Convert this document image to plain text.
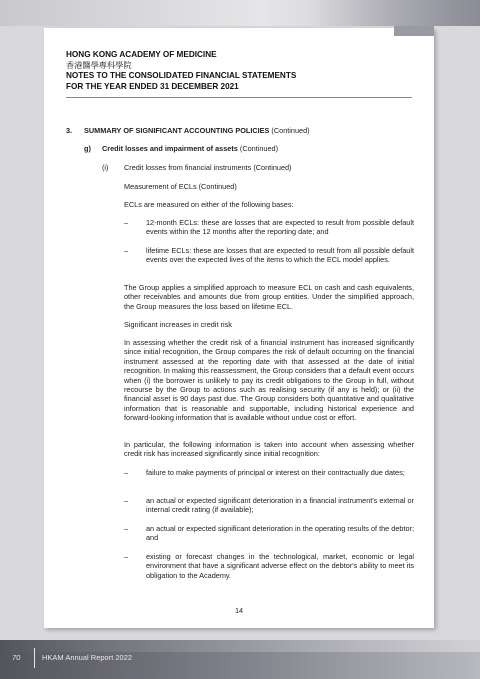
HONG KONG ACADEMY OF MEDICINE
香港醫學專科學院
NOTES TO THE CONSOLIDATED FINANCIAL STATEMENTS
FOR THE YEAR ENDED 31 DECEMBER 2021
3. SUMMARY OF SIGNIFICANT ACCOUNTING POLICIES (Continued)
g) Credit losses and impairment of assets (Continued)
(i) Credit losses from financial instruments (Continued)
Measurement of ECLs (Continued)
ECLs are measured on either of the following bases:
– 12-month ECLs: these are losses that are expected to result from possible default events within the 12 months after the reporting date; and
– lifetime ECLs: these are losses that are expected to result from all possible default events over the expected lives of the items to which the ECL model applies.
The Group applies a simplified approach to measure ECL on cash and cash equivalents, other receivables and amounts due from group entities. Under the simplified approach, the Group measures the loss based on lifetime ECL.
Significant increases in credit risk
In assessing whether the credit risk of a financial instrument has increased significantly since initial recognition, the Group compares the risk of default occurring on the financial instrument assessed at the reporting date with that assessed at the date of initial recognition. In making this reassessment, the Group considers that a default event occurs when (i) the borrower is unlikely to pay its credit obligations to the Group in full, without recourse by the Group to actions such as realising security (if any is held); or (ii) the financial asset is 90 days past due. The Group considers both quantitative and qualitative information that is reasonable and supportable, including historical experience and forward-looking information that is available without undue cost or effort.
In particular, the following information is taken into account when assessing whether credit risk has increased significantly since initial recognition:
– failure to make payments of principal or interest on their contractually due dates;
– an actual or expected significant deterioration in a financial instrument's external or internal credit rating (if available);
– an actual or expected significant deterioration in the operating results of the debtor; and
– existing or forecast changes in the technological, market, economic or legal environment that have a significant adverse effect on the debtor's ability to meet its obligation to the Academy.
14
70	HKAM Annual Report 2022
